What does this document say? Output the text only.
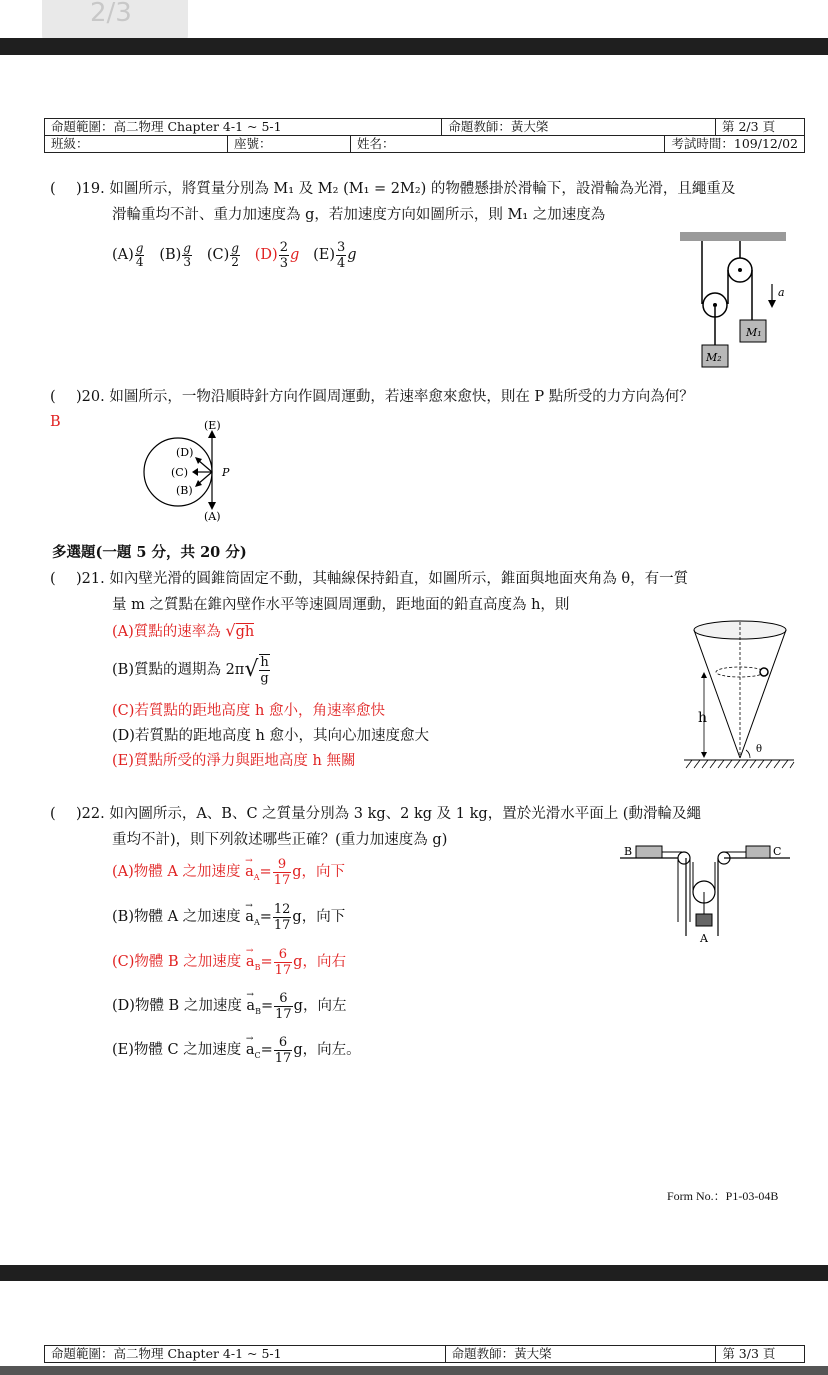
2/3
命題範圍：高二物理 Chapter 4-1 ~ 5-1			命題教師：黃大棨		第 2/3 頁
班級：	座號：	姓名：		考試時間：109/12/02	
( )19. 如圖所示，將質量分別為 M₁ 及 M₂ (M₁ = 2M₂) 的物體懸掛於滑輪下，設滑輪為光滑，且繩重及
滑輪重均不計、重力加速度為 g，若加速度方向如圖所示，則 M₁ 之加速度為
$(A) \frac{g}{4} (B) \frac{g}{3} (C) \frac{g}{2} (D) \frac{2}{3}$ g $(E) \frac{3}{4}$ g
M₁
M₂
a
( )20. 如圖所示，一物沿順時針方向作圓周運動，若速率愈來愈快，則在 P 點所受的力方向為何？
B	(E)
(D)
(C)
(B)
(A)
P
多選題(一題 5 分，共 20 分)
( )21. 如內壁光滑的圓錐筒固定不動，其軸線保持鉛直，如圖所示，錐面與地面夾角為 θ，有一質
量 m 之質點在錐內壁作水平等速圓周運動，距地面的鉛直高度為 h，則
(A)質點的速率為 √gh
(B)質點的週期為 $2\pi√ \frac{h}{g}$
(C)若質點的距地高度 h 愈小，角速率愈快
(D)若質點的距地高度 h 愈小，其向心加速度愈大
(E)質點所受的淨力與距地高度 h 無關
h
θ
( )22. 如內圖所示，A、B、C 之質量分別為 3 kg、2 kg 及 1 kg，置於光滑水平面上 (動滑輪及繩
重均不計)，則下列敘述哪些正確？(重力加速度為 g)
(A)物體 A 之加速度 → $a_A= \frac{9}{17}$ g，向下
(B)物體 A 之加速度 → $a_A= \frac{12}{17}$ g，向下
(C)物體 B 之加速度 → $a_B= \frac{6}{17}$ g，向右
(D)物體 B 之加速度 → $a_B= \frac{6}{17}$ g，向左
(E)物體 C 之加速度 → $a_C= \frac{6}{17}$ g，向左。
B	C
A
Form No.：P1-03-04B
命題範圍：高二物理 Chapter 4-1 ~ 5-1	命題教師：黃大棨	第 3/3 頁
